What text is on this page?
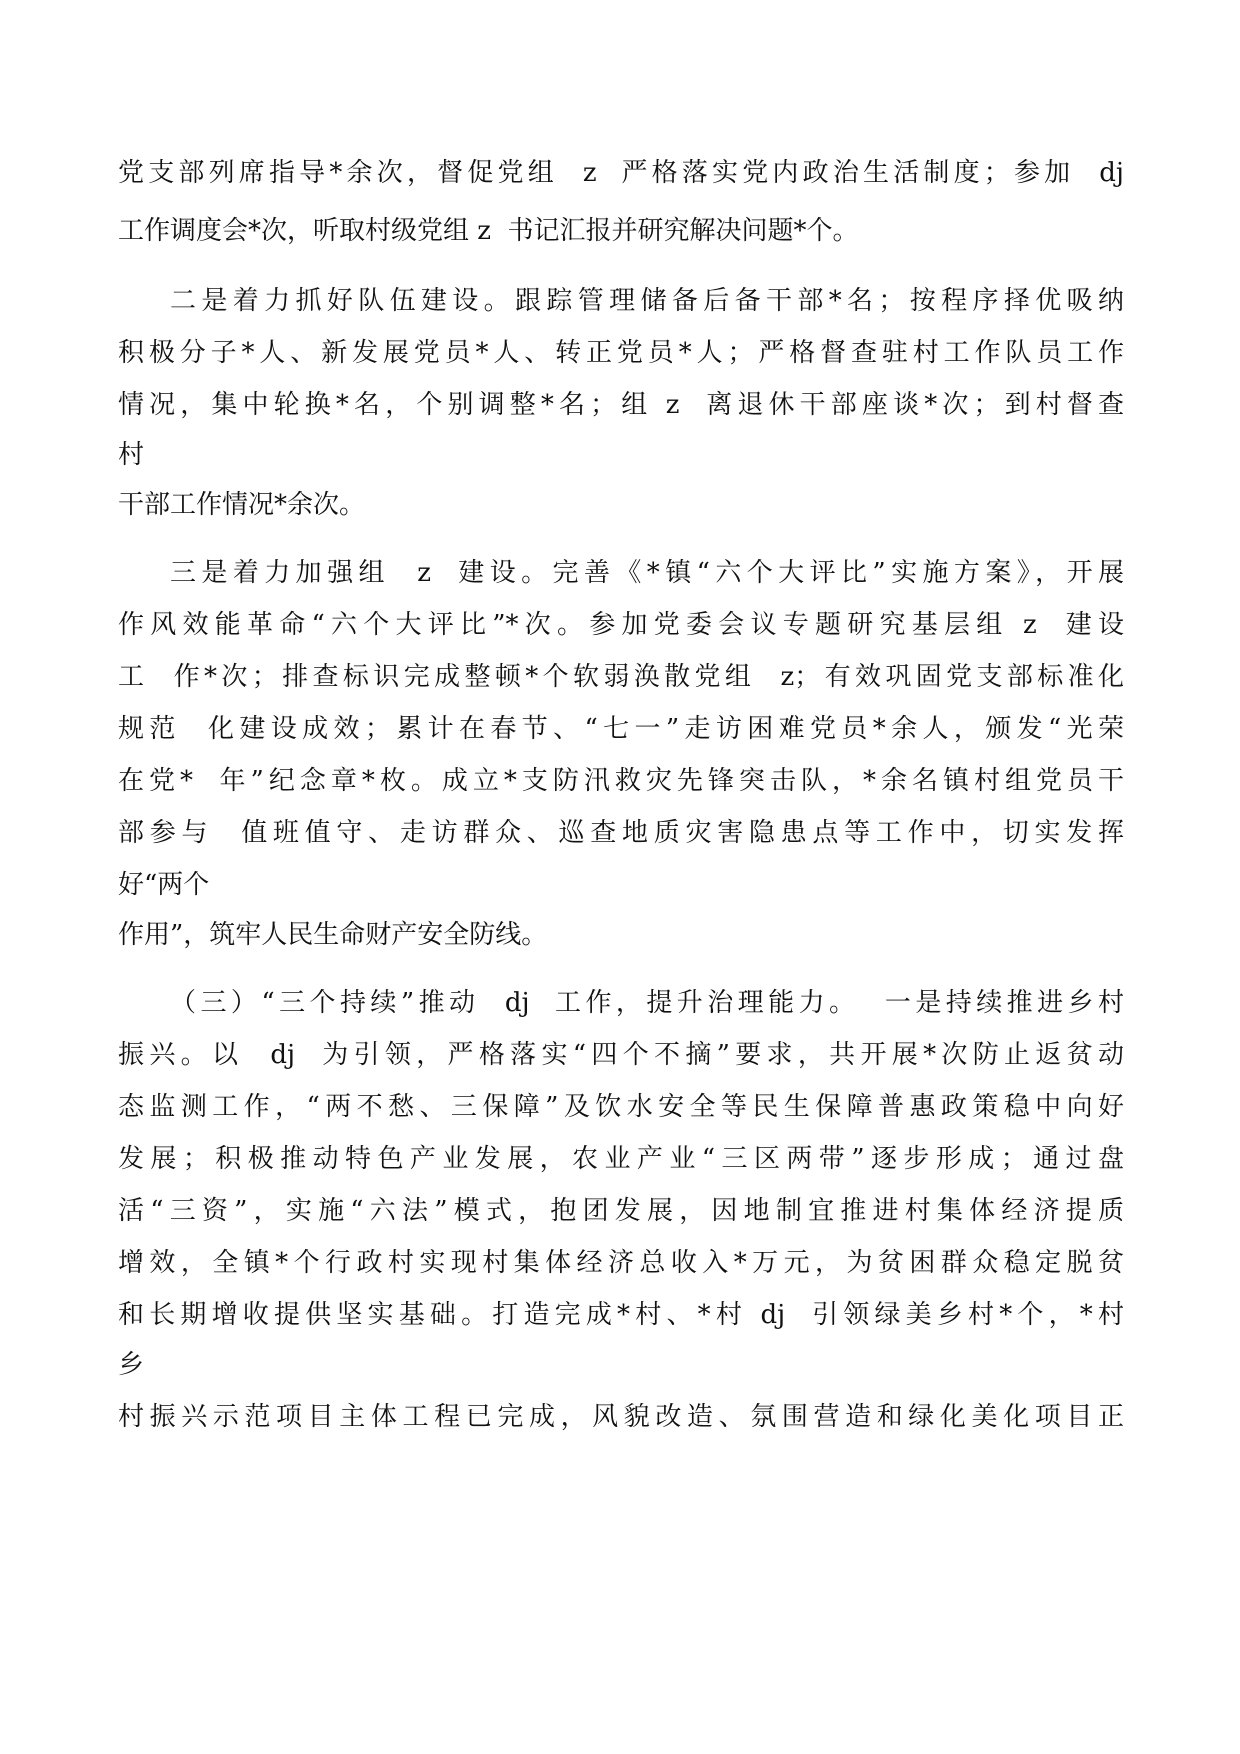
党支部列席指导*余次，督促党组  z  严格落实党内政治生活制度；参加  dj
工作调度会*次，听取村级党组 z  书记汇报并研究解决问题*个。
二是着力抓好队伍建设。跟踪管理储备后备干部*名；按程序择优吸纳
积极分子*人、新发展党员*人、转正党员*人；严格督查驻村工作队员工作
情况，集中轮换*名，个别调整*名；组 z  离退休干部座谈*次；到村督查
村
干部工作情况*余次。
三是着力加强组  z  建设。完善《*镇“六个大评比”实施方案》，开展
作风效能革命“六个大评比”*次。参加党委会议专题研究基层组 z  建设
工  作*次；排查标识完成整顿*个软弱涣散党组  z；有效巩固党支部标准化
规范  化建设成效；累计在春节、“七一”走访困难党员*余人，颁发“光荣
在党*  年”纪念章*枚。成立*支防汛救灾先锋突击队，*余名镇村组党员干
部参与  值班值守、走访群众、巡查地质灾害隐患点等工作中，切实发挥
好“两个
作用”，筑牢人民生命财产安全防线。
（三）“三个持续”推动  dj  工作，提升治理能力。  一是持续推进乡村
振兴。以  dj  为引领，严格落实“四个不摘”要求，共开展*次防止返贫动
态监测工作，“两不愁、三保障”及饮水安全等民生保障普惠政策稳中向好
发展；积极推动特色产业发展，农业产业“三区两带”逐步形成；通过盘
活“三资”，实施“六法”模式，抱团发展，因地制宜推进村集体经济提质
增效，全镇*个行政村实现村集体经济总收入*万元，为贫困群众稳定脱贫
和长期增收提供坚实基础。打造完成*村、*村 dj  引领绿美乡村*个，*村
乡
村振兴示范项目主体工程已完成，风貌改造、氛围营造和绿化美化项目正
